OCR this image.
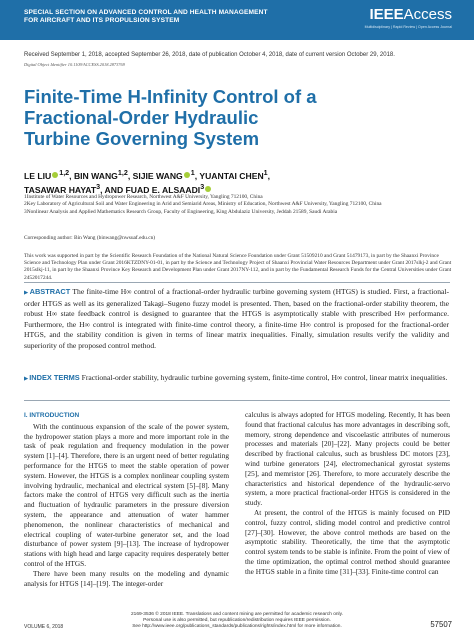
SPECIAL SECTION ON ADVANCED CONTROL AND HEALTH MANAGEMENT
FOR AIRCRAFT AND ITS PROPULSION SYSTEM	IEEEAccess
Multidisciplinary | Rapid Review | Open Access Journal
Received September 1, 2018, accepted September 26, 2018, date of publication October 4, 2018, date of current version October 29, 2018.
Digital Object Identifier 10.1109/ACCESS.2018.2873769
Finite-Time H-Infinity Control of a Fractional-Order Hydraulic Turbine Governing System
LE LIU $^{1,2}$, BIN WANG$^{1,2}$, SIJIE WANG $^1$, YUANTAI CHEN$^1$,
TASAWAR HAYAT$^3$, AND FUAD E. ALSAADI$^3$
1Institute of Water Resources and Hydropower Research, Northwest A&F University, Yangling 712100, China
2Key Laboratory of Agricultural Soil and Water Engineering in Arid and Semiarid Areas, Ministry of Education, Northwest A&F University, Yangling 712100, China
3Nonlinear Analysis and Applied Mathematics Research Group, Faculty of Engineering, King Abdulaziz University, Jeddah 21589, Saudi Arabia
Corresponding author: Bin Wang (binwang@nwsuaf.edu.cn)
This work was supported in part by the Scientific Research Foundation of the National Natural Science Foundation under Grant 51509210 and Grant 51479173, in part by the Shaanxi Province Science and Technology Plan under Grant 2016KTZDNY-01-01, in part by the Science and Technology Project of Shaanxi Provincial Water Resources Department under Grant 2017slkj-2 and Grant 2015slkj-11, in part by the Shaanxi Province Key Research and Development Plan under Grant 2017NY-112, and in part by the Fundamental Research Funds for the Central Universities under Grant 2452017244.
▶ABSTRACT The finite-time H∞ control of a fractional-order hydraulic turbine governing system (HTGS) is studied. First, a fractional-order HTGS as well as its generalized Takagi–Sugeno fuzzy model is presented. Then, based on the fractional-order stability theorem, the robust H∞ state feedback control is designed to guarantee that the HTGS is asymptotically stable with prescribed H∞ performance. Furthermore, the H∞ control is integrated with finite-time control theory, a finite-time H∞ control is proposed for the fractional-order HTGS, and the stability condition is given in terms of linear matrix inequalities. Finally, simulation results verify the validity and superiority of the proposed control method.
▶INDEX TERMS Fractional-order stability, hydraulic turbine governing system, finite-time control, H∞ control, linear matrix inequalities.
I. INTRODUCTION

With the continuous expansion of the scale of the power system, the hydropower station plays a more and more important role in the task of peak regulation and frequency modulation in the power system [1]–[4]. Therefore, there is an urgent need of better regulating performance for the HTGS to meet the stable operation of power system. However, the HTGS is a complex nonlinear coupling system involving hydraulic, mechanical and electrical system [5]–[8]. Many factors make the control of HTGS very difficult such as the inertia and fluctuation of hydraulic parameters in the pressure diversion system, the appearance and attenuation of water hammer phenomenon, the nonlinear characteristics of mechanical and electrical coupling of water-turbine generator set, and the load disturbance of power system [9]–[13]. The increase of hydropower stations with high head and large capacity requires desperately better control of the HTGS.

There have been many results on the modeling and dynamic analysis for HTGS [14]–[19]. The integer-order

calculus is always adopted for HTGS modeling. Recently, It has been found that fractional calculus has more advantages in describing soft, memory, strong dependence and viscoelastic attributes of numerous processes and materials [20]–[22]. Many projects could be better described by fractional calculus, such as brushless DC motors [23], wind turbine generators [24], electromechanical gyrostat systems [25], and memristor [26]. Therefore, to more accurately describe the characteristics and historical dependence of the hydraulic-servo system, a more practical fractional-order HTGS is considered in the study.

At present, the control of the HTGS is mainly focused on PID control, fuzzy control, sliding model control and predictive control [27]–[30]. However, the above control methods are based on the asymptotic stability. Theoretically, the time that the asymptotic control system tends to be stable is infinite. From the point of view of the time optimization, the optimal control method should guarantee the HTGS stable in a finite time [31]–[33]. Finite-time control can

2169-3536 © 2018 IEEE. Translations and content mining are permitted for academic research only.
Personal use is also permitted, but republication/redistribution requires IEEE permission.
See http://www.ieee.org/publications_standards/publications/rights/index.html for more information.
VOLUME 6, 2018	57507
